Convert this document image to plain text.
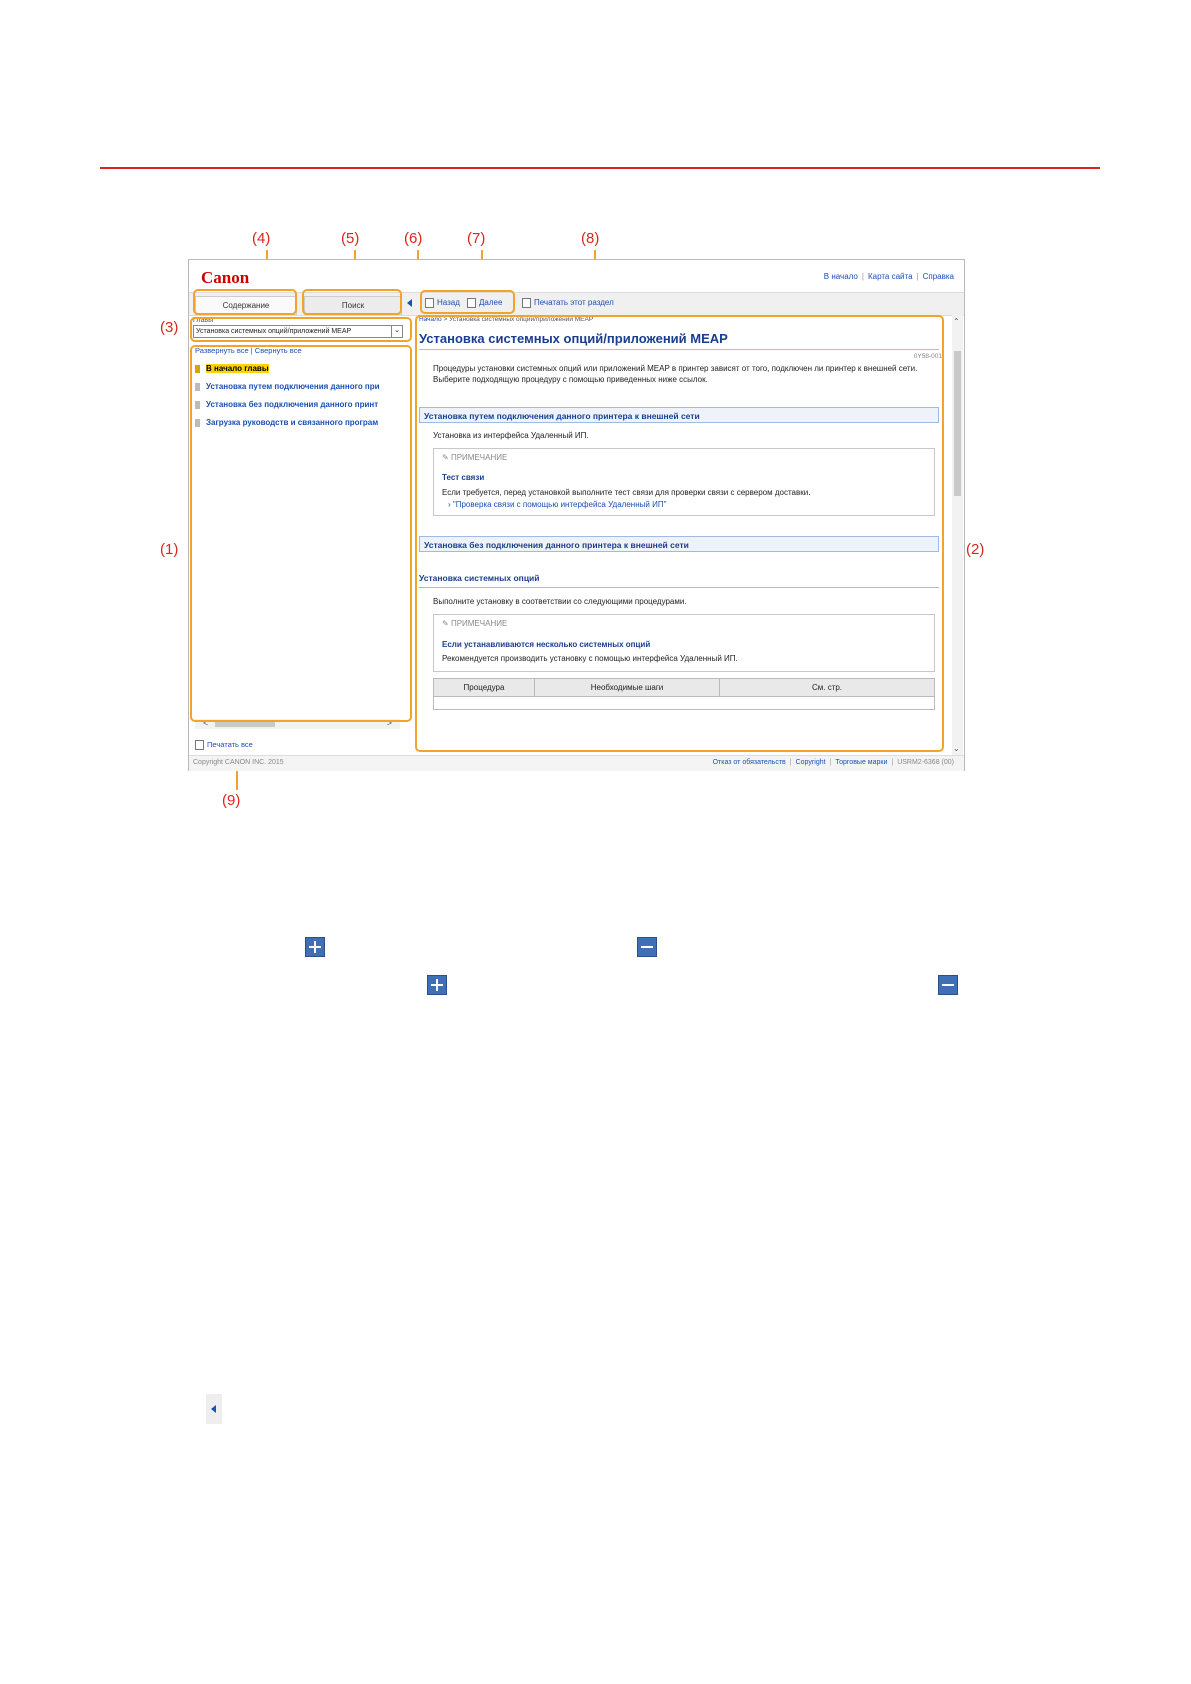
(4)	(5)	(6)	(7)	(8)
(3)
(1)	(2)
(9)
Canon	В начало | Карта сайта | Справка
Содержание	Поиск	Назад	Далее	Печатать этот раздел
Главы
Установка системных опций/приложений MEAP	⌄
Развернуть все | Свернуть все
В начало главы
Установка путем подключения данного при
Установка без подключения данного принт
Загрузка руководств и связанного програм
<	>
Печатать все
Начало > Установка системных опций/приложений MEAP
Установка системных опций/приложений MEAP
0Y58-001
Процедуры установки системных опций или приложений MEAP в принтер зависят от того, подключен ли принтер к внешней сети. Выберите подходящую процедуру с помощью приведенных ниже ссылок.
Установка путем подключения данного принтера к внешней сети
Установка из интерфейса Удаленный ИП.
✎ ПРИМЕЧАНИЕ
Тест связи
Если требуется, перед установкой выполните тест связи для проверки связи с сервером доставки.
› "Проверка связи с помощью интерфейса Удаленный ИП"
Установка без подключения данного принтера к внешней сети
Установка системных опций
Выполните установку в соответствии со следующими процедурами.
✎ ПРИМЕЧАНИЕ
Если устанавливаются несколько системных опций
Рекомендуется производить установку с помощью интерфейса Удаленный ИП.
Процедура	Необходимые шаги	См. стр.
⌃
⌄
Copyright CANON INC. 2015	Отказ от обязательств | Copyright | Торговые марки | USRM2-6368 (00)
